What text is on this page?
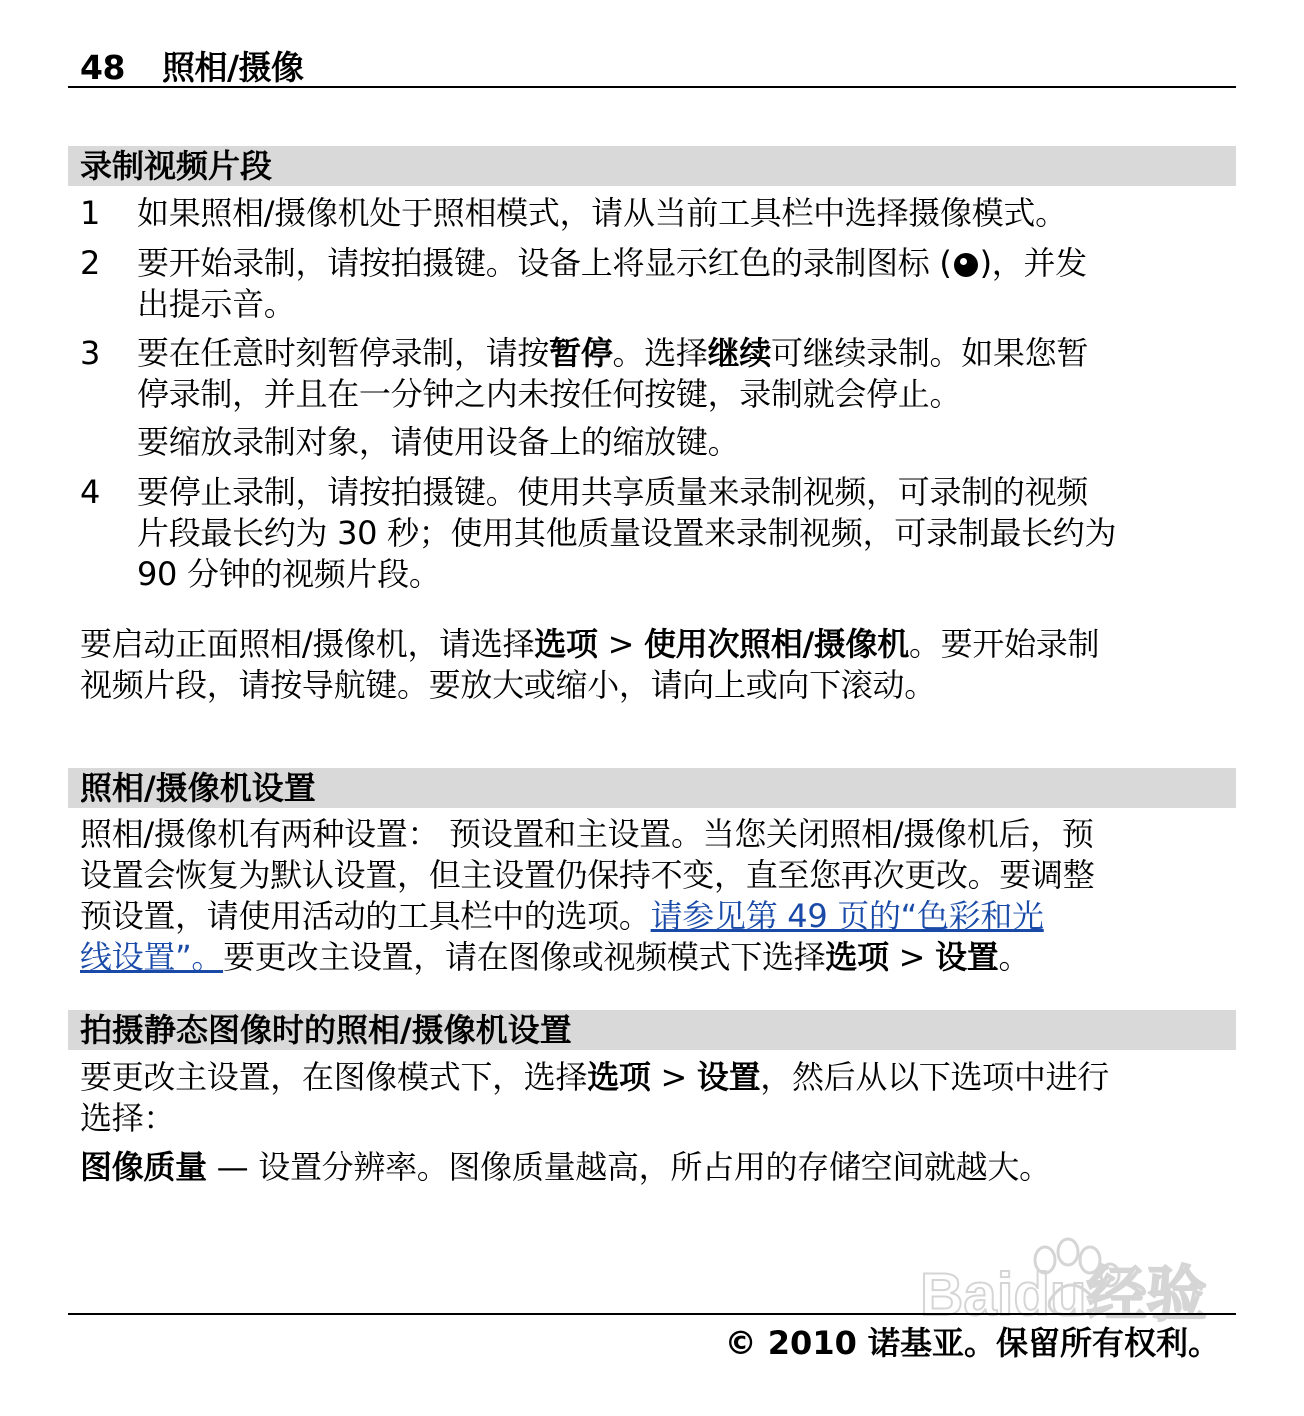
48 照相/摄像
录制视频片段
1 如果照相/摄像机处于照相模式，请从当前工具栏中选择摄像模式。
2 要开始录制，请按拍摄键。设备上将显示红色的录制图标 ( )，并发
出提示音。
3 要在任意时刻暂停录制，请按暂停。选择继续可继续录制。如果您暂
停录制，并且在一分钟之内未按任何按键，录制就会停止。
要缩放录制对象，请使用设备上的缩放键。
4 要停止录制，请按拍摄键。使用共享质量来录制视频，可录制的视频
片段最长约为 30 秒；使用其他质量设置来录制视频，可录制最长约为
90 分钟的视频片段。
要启动正面照相/摄像机，请选择选项 > 使用次照相/摄像机。要开始录制
视频片段，请按导航键。要放大或缩小，请向上或向下滚动。
照相/摄像机设置
照相/摄像机有两种设置： 预设置和主设置。当您关闭照相/摄像机后，预
设置会恢复为默认设置，但主设置仍保持不变，直至您再次更改。要调整
预设置，请使用活动的工具栏中的选项。请参见第 49 页的“色彩和光
线设置”。要更改主设置，请在图像或视频模式下选择选项 > 设置。
拍摄静态图像时的照相/摄像机设置
要更改主设置，在图像模式下，选择选项 > 设置，然后从以下选项中进行
选择：
图像质量 — 设置分辨率。图像质量越高，所占用的存储空间就越大。
Baidu经验
© 2010 诺基亚。保留所有权利。
